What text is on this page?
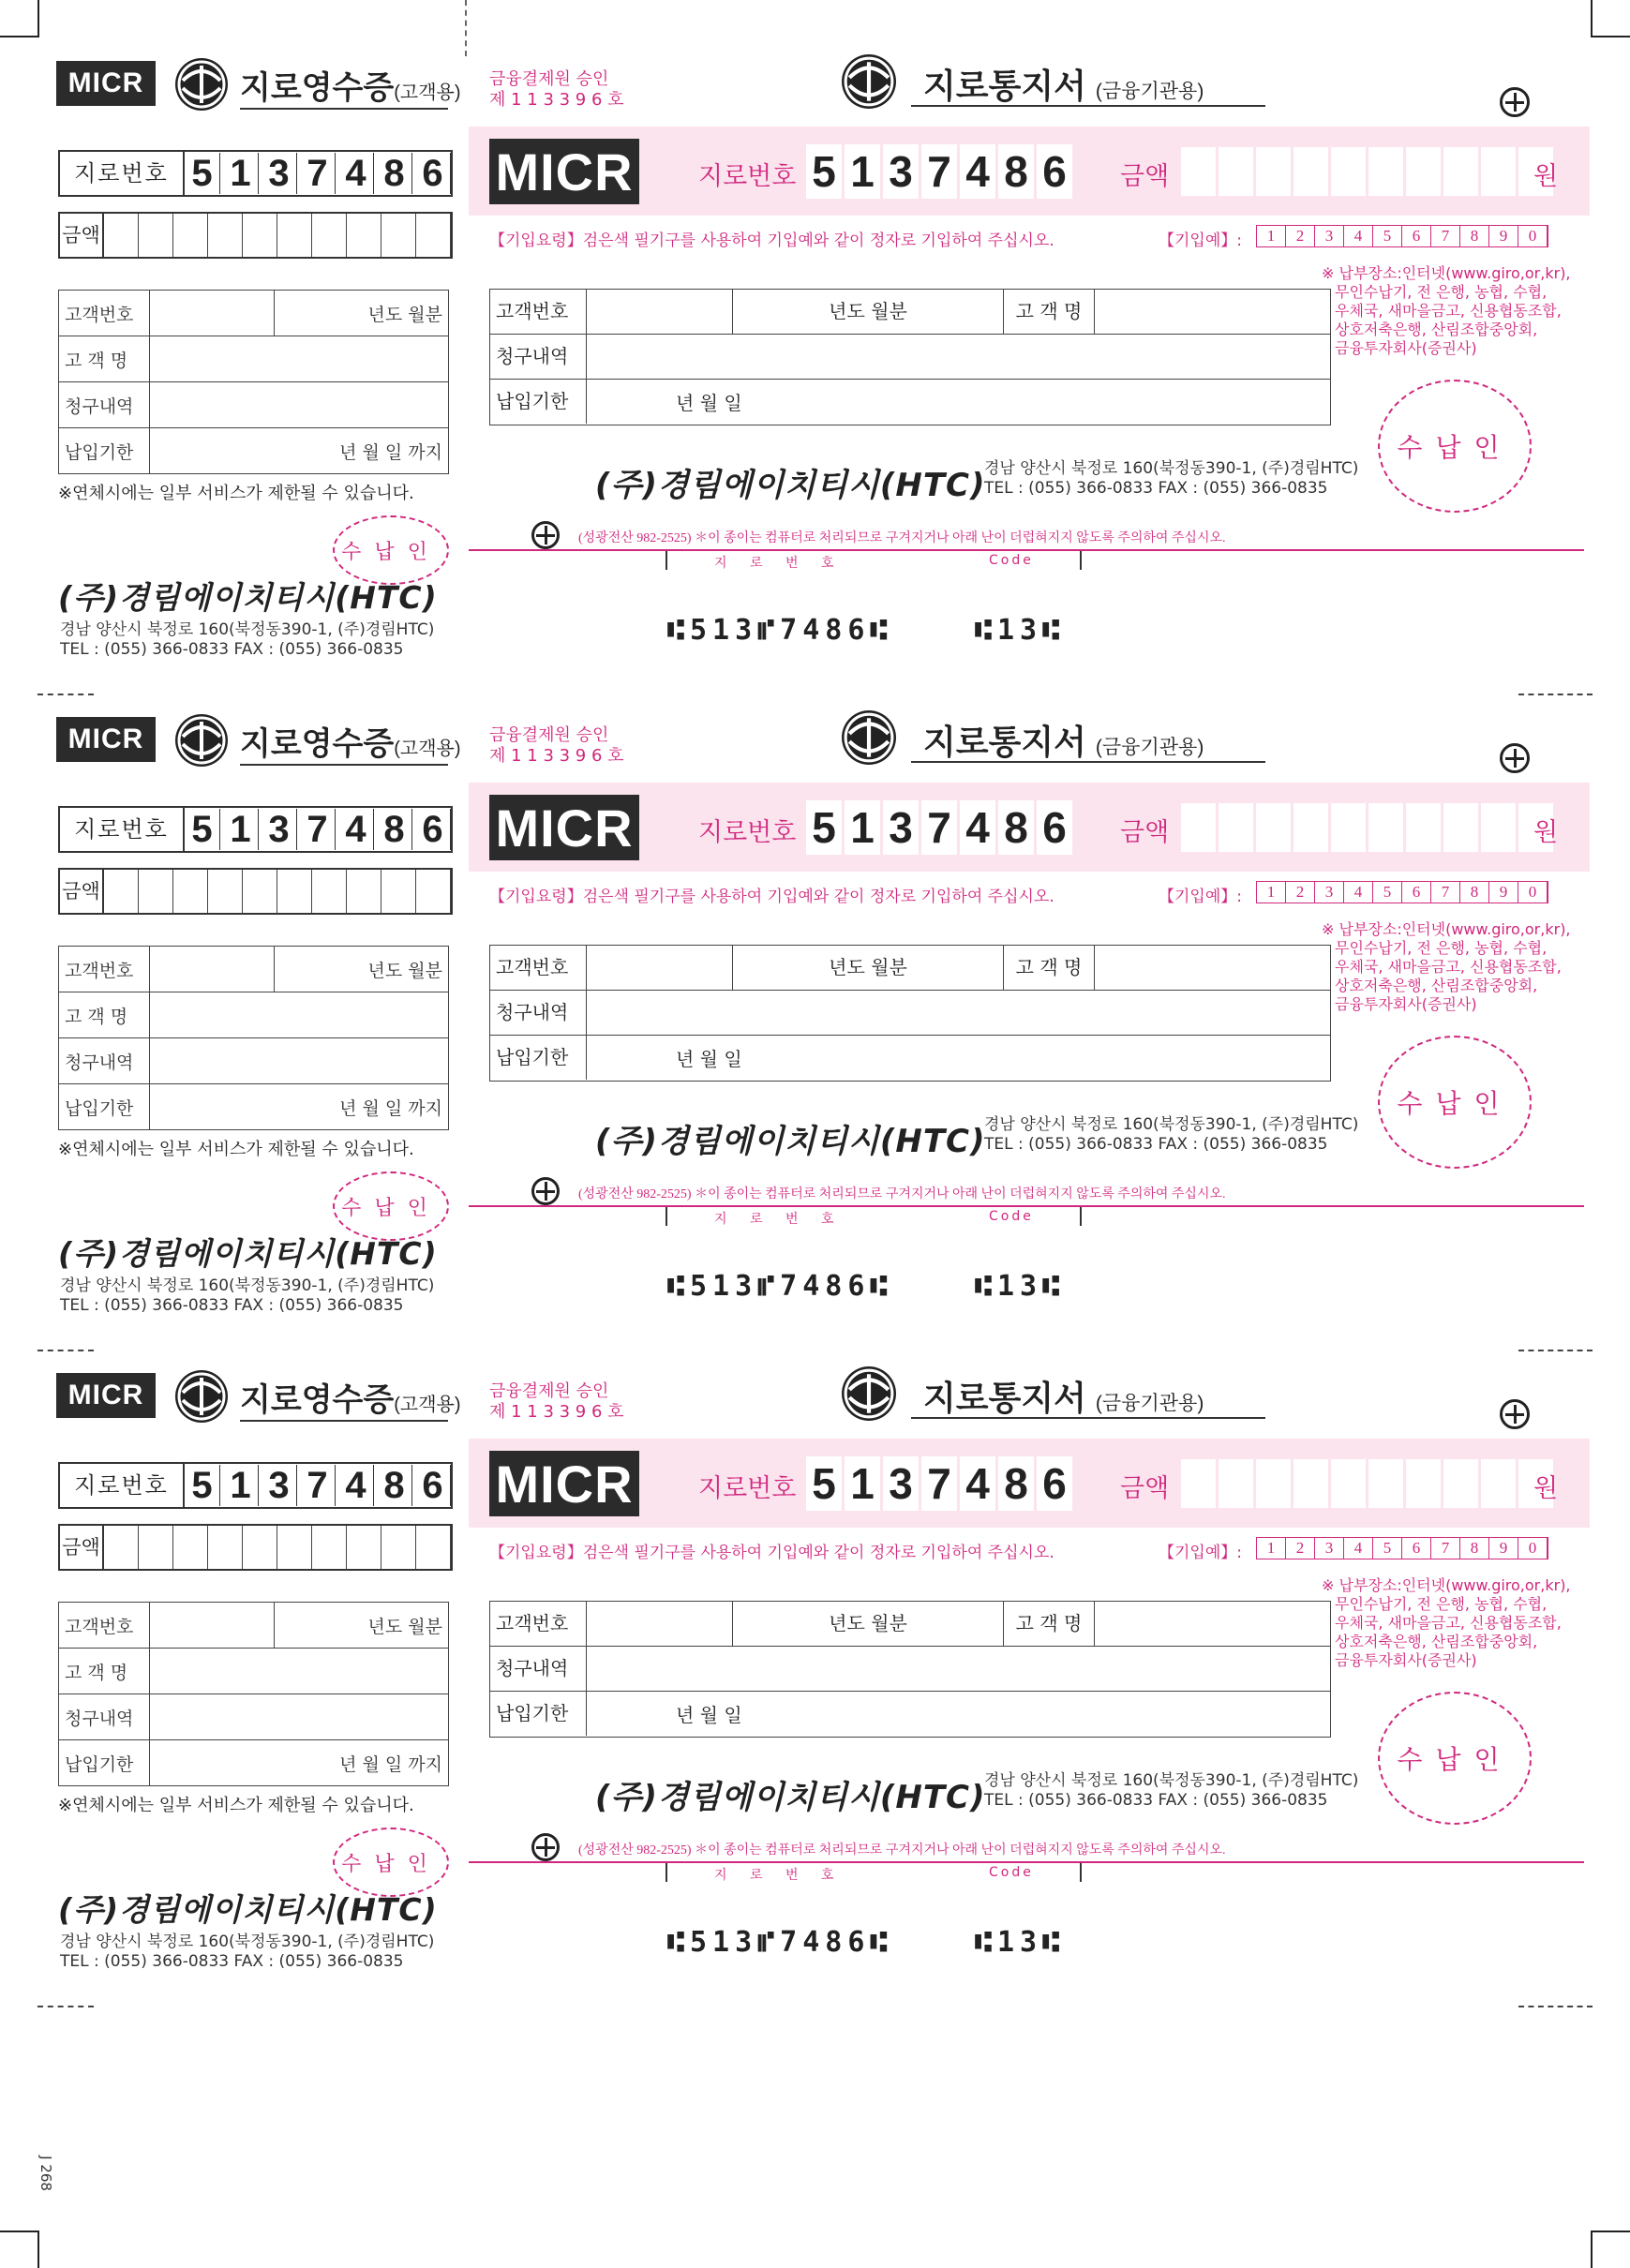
J 268
MICR	지로영수증(고객용)
지로번호 5 1 3 7 4 8 6
금액
고객번호		년도 월분
고 객 명		
청구내역		
납입기한	년 월 일 까지	
※연체시에는 일부 서비스가 제한될 수 있습니다.
수납인
(주)경림에이치티시(HTC)
경남 양산시 북정로 160(북정동390-1, (주)경림HTC)
TEL : (055) 366-0833 FAX : (055) 366-0835
금융결제원 승인
제 1 1 3 3 9 6 호	지로통지서 (금융기관용)
MICR	지로번호 5 1 3 7 4 8 6 금액	원
【기입요령】검은색 필기구를 사용하여 기입예와 같이 정자로 기입하여 주십시오.	【기입예】:	1	2	3	4	5	6	7	8	9	0
※ 납부장소:인터넷(www.giro,or,kr),
무인수납기, 전 은행, 농협, 수협,
우체국, 새마을금고, 신용협동조합,
상호저축은행, 산림조합중앙회,
금융투자회사(증권사)
고객번호	년도 월분	고 객 명
청구내역
납입기한	년 월 일
수납인
(주)경림에이치티시(HTC)
경남 양산시 북정로 160(북정동390-1, (주)경림HTC)
TEL : (055) 366-0833 FAX : (055) 366-0835
(성광전산 982-2525) ＊이 종이는 컴퓨터로 처리되므로 구겨지거나 아래 난이 더럽혀지지 않도록 주의하여 주십시오.
지 로 번 호	Code
⑆513⑈7486⑆	⑆13⑆
MICR	지로영수증(고객용)
지로번호 5 1 3 7 4 8 6
금액
고객번호		년도 월분
고 객 명		
청구내역		
납입기한	년 월 일 까지	
※연체시에는 일부 서비스가 제한될 수 있습니다.
수납인
(주)경림에이치티시(HTC)
경남 양산시 북정로 160(북정동390-1, (주)경림HTC)
TEL : (055) 366-0833 FAX : (055) 366-0835
금융결제원 승인
제 1 1 3 3 9 6 호	지로통지서 (금융기관용)
MICR	지로번호 5 1 3 7 4 8 6 금액	원
【기입요령】검은색 필기구를 사용하여 기입예와 같이 정자로 기입하여 주십시오.	【기입예】:	1	2	3	4	5	6	7	8	9	0
※ 납부장소:인터넷(www.giro,or,kr),
무인수납기, 전 은행, 농협, 수협,
우체국, 새마을금고, 신용협동조합,
상호저축은행, 산림조합중앙회,
금융투자회사(증권사)
고객번호	년도 월분	고 객 명
청구내역
납입기한	년 월 일
수납인
(주)경림에이치티시(HTC)
경남 양산시 북정로 160(북정동390-1, (주)경림HTC)
TEL : (055) 366-0833 FAX : (055) 366-0835
(성광전산 982-2525) ＊이 종이는 컴퓨터로 처리되므로 구겨지거나 아래 난이 더럽혀지지 않도록 주의하여 주십시오.
지 로 번 호	Code
⑆513⑈7486⑆	⑆13⑆
MICR	지로영수증(고객용)
지로번호 5 1 3 7 4 8 6
금액
고객번호		년도 월분
고 객 명		
청구내역		
납입기한	년 월 일 까지	
※연체시에는 일부 서비스가 제한될 수 있습니다.
수납인
(주)경림에이치티시(HTC)
경남 양산시 북정로 160(북정동390-1, (주)경림HTC)
TEL : (055) 366-0833 FAX : (055) 366-0835
금융결제원 승인
제 1 1 3 3 9 6 호	지로통지서 (금융기관용)
MICR	지로번호 5 1 3 7 4 8 6 금액	원
【기입요령】검은색 필기구를 사용하여 기입예와 같이 정자로 기입하여 주십시오.	【기입예】:	1	2	3	4	5	6	7	8	9	0
※ 납부장소:인터넷(www.giro,or,kr),
무인수납기, 전 은행, 농협, 수협,
우체국, 새마을금고, 신용협동조합,
상호저축은행, 산림조합중앙회,
금융투자회사(증권사)
고객번호	년도 월분	고 객 명
청구내역
납입기한	년 월 일
수납인
(주)경림에이치티시(HTC)
경남 양산시 북정로 160(북정동390-1, (주)경림HTC)
TEL : (055) 366-0833 FAX : (055) 366-0835
(성광전산 982-2525) ＊이 종이는 컴퓨터로 처리되므로 구겨지거나 아래 난이 더럽혀지지 않도록 주의하여 주십시오.
지 로 번 호	Code
⑆513⑈7486⑆	⑆13⑆
